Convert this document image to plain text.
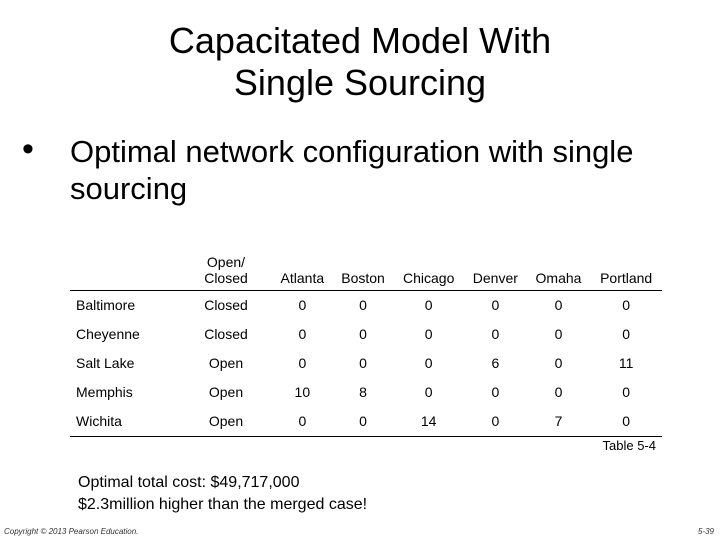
Capacitated Model With
Single Sourcing
•	Optimal network configuration with single
sourcing
	Open/ Closed	Atlanta	Boston	Chicago	Denver	Omaha	Portland
Baltimore	Closed	0	0	0	0	0	0
Cheyenne	Closed	0	0	0	0	0	0
Salt Lake	Open	0	0	0	6	0	11
Memphis	Open	10	8	0	0	0	0
Wichita	Open	0	0	14	0	7	0
Table 5-4
Optimal total cost: $49,717,000
$2.3million higher than the merged case!
Copyright © 2013 Pearson Education.	5-39
